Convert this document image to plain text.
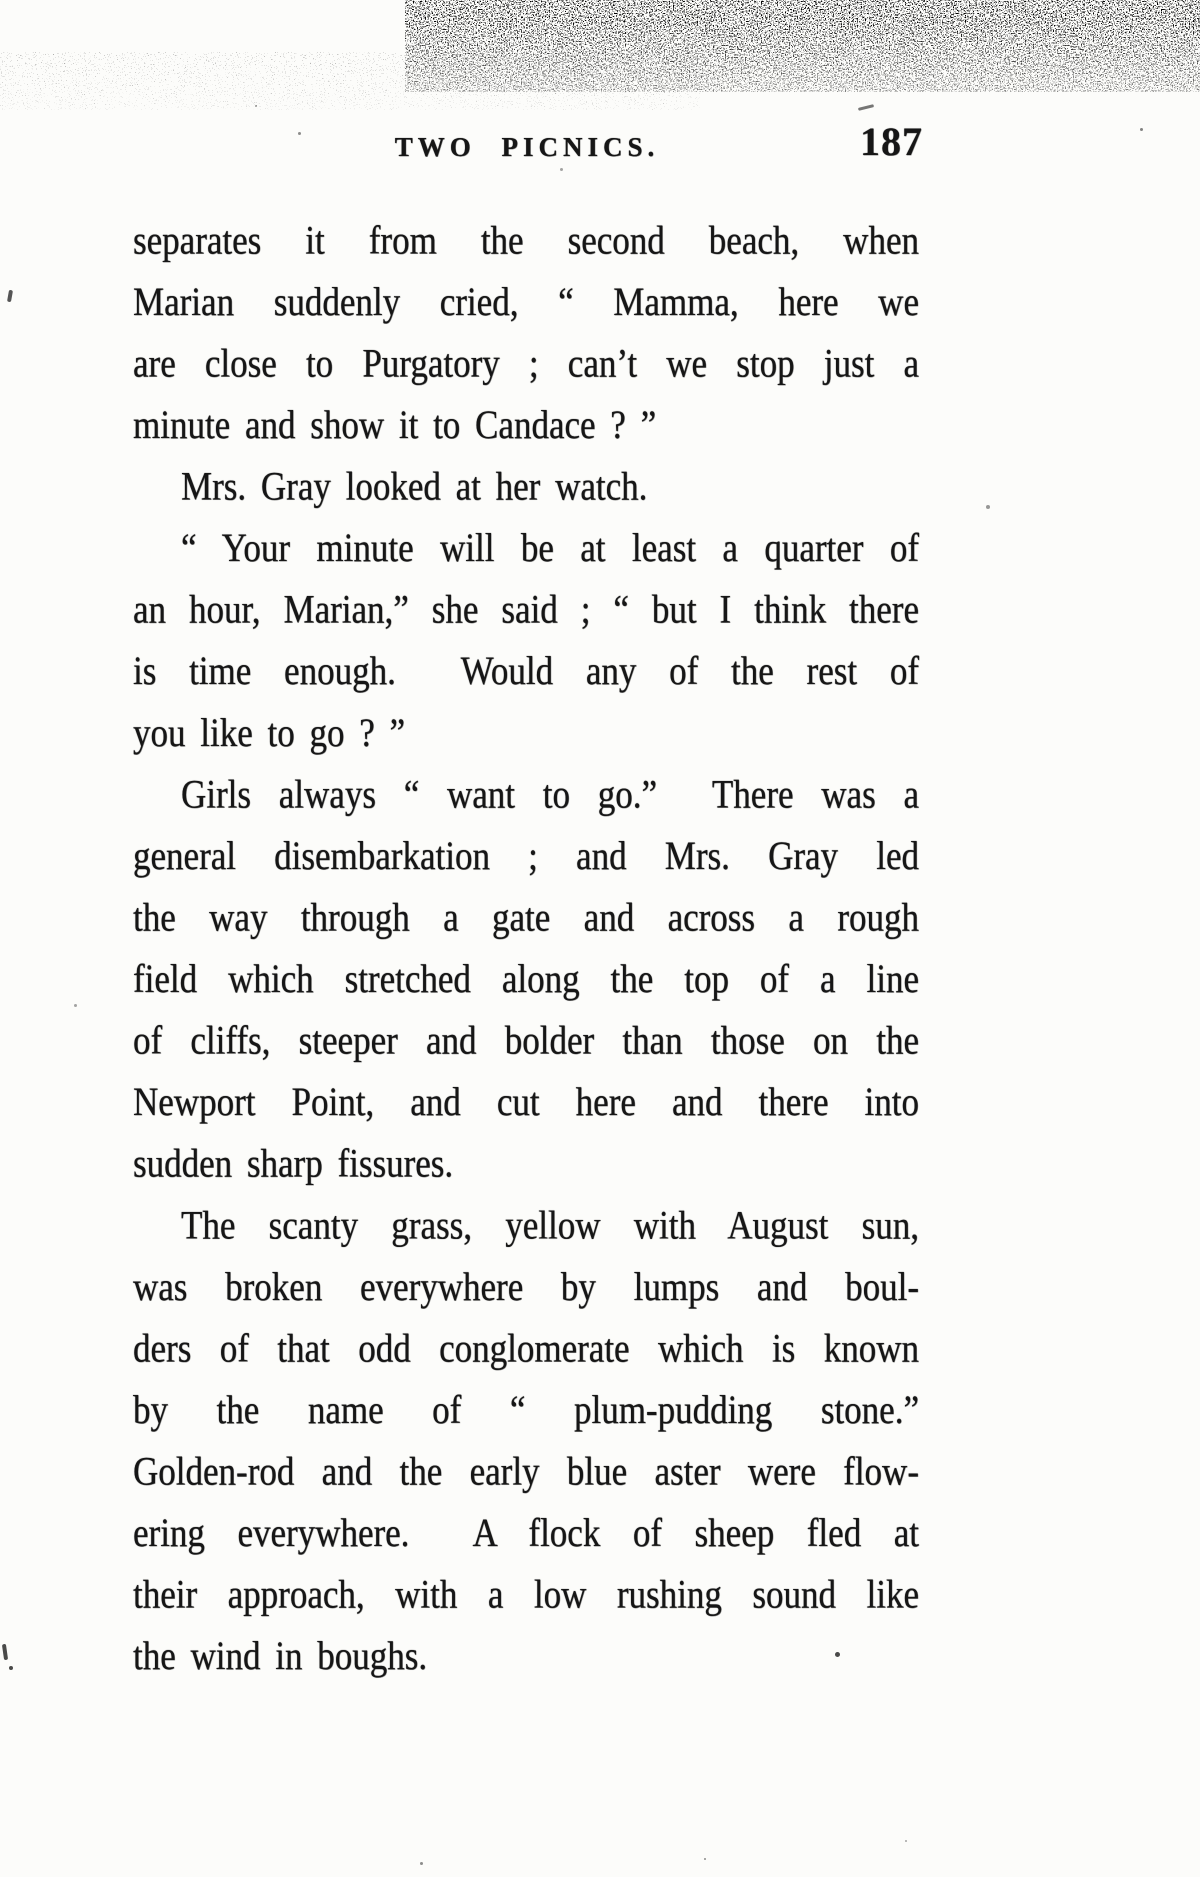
TWO PICNICS.	187

separates it from the second beach, when
Marian suddenly cried, “ Mamma, here we
are close to Purgatory ; can’t we stop just a
minute and show it to Candace ? ”

Mrs. Gray looked at her watch.

“ Your minute will be at least a quarter of
an hour, Marian,” she said ; “ but I think there
is time enough.  Would any of the rest of
you like to go ? ”

Girls always “ want to go.”  There was a
general disembarkation ; and Mrs. Gray led
the way through a gate and across a rough
field which stretched along the top of a line
of cliffs, steeper and bolder than those on the
Newport Point, and cut here and there into
sudden sharp fissures.

The scanty grass, yellow with August sun,
was broken everywhere by lumps and boul-
ders of that odd conglomerate which is known
by the name of “ plum-pudding stone.”
Golden-rod and the early blue aster were flow-
ering everywhere.  A flock of sheep fled at
their approach, with a low rushing sound like
the wind in boughs.
